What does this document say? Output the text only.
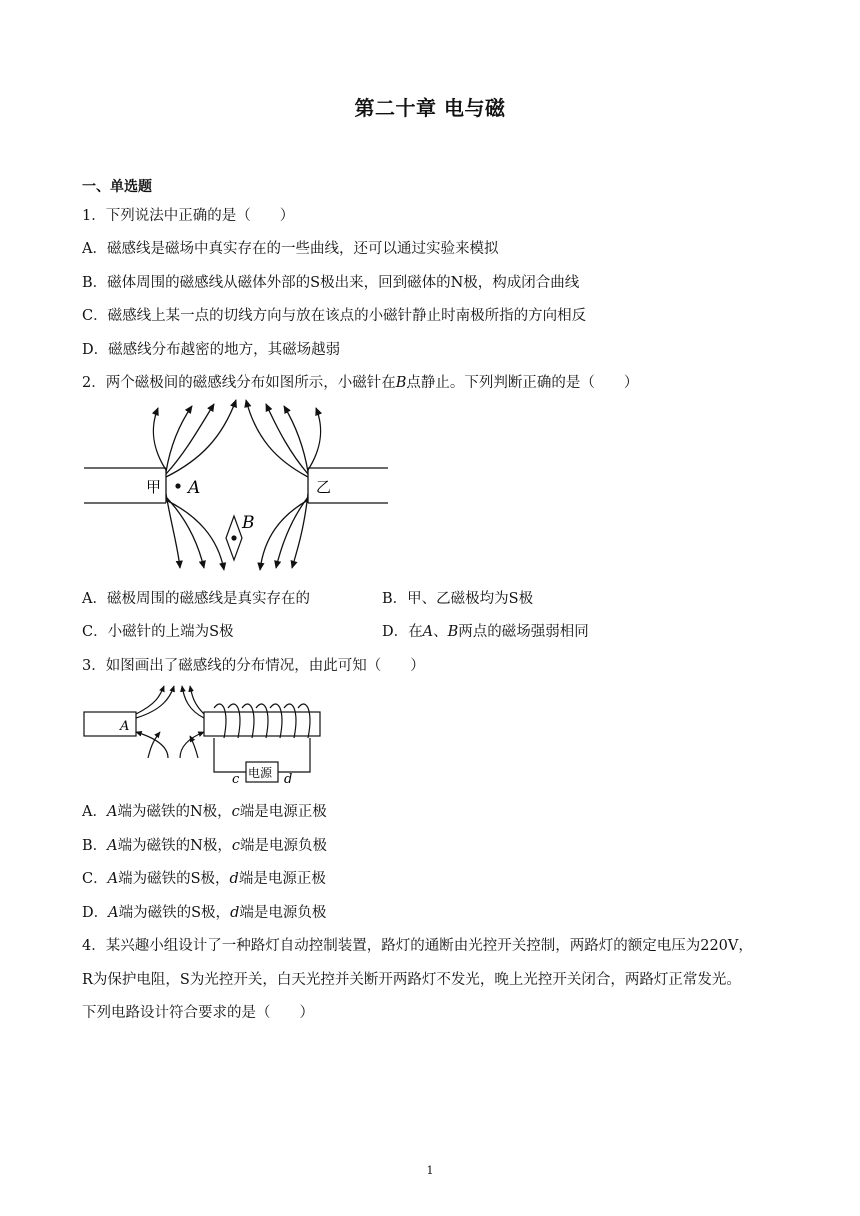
第二十章 电与磁
一、单选题
1．下列说法中正确的是（　　）
A．磁感线是磁场中真实存在的一些曲线，还可以通过实验来模拟
B．磁体周围的磁感线从磁体外部的S极出来，回到磁体的N极，构成闭合曲线
C．磁感线上某一点的切线方向与放在该点的小磁针静止时南极所指的方向相反
D．磁感线分布越密的地方，其磁场越弱
2．两个磁极间的磁感线分布如图所示，小磁针在B点静止。下列判断正确的是（　　）
甲	乙
A
B
A．磁极周围的磁感线是真实存在的	B．甲、乙磁极均为S极
C．小磁针的上端为S极	D．在A、B两点的磁场强弱相同
3．如图画出了磁感线的分布情况，由此可知（　　）
A
电源
c	d
A．A端为磁铁的N极，c端是电源正极
B．A端为磁铁的N极，c端是电源负极
C．A端为磁铁的S极，d端是电源正极
D．A端为磁铁的S极，d端是电源负极
4．某兴趣小组设计了一种路灯自动控制装置，路灯的通断由光控开关控制，两路灯的额定电压为220V，
R为保护电阻，S为光控开关，白天光控并关断开两路灯不发光，晚上光控开关闭合，两路灯正常发光。
下列电路设计符合要求的是（　　）
1
